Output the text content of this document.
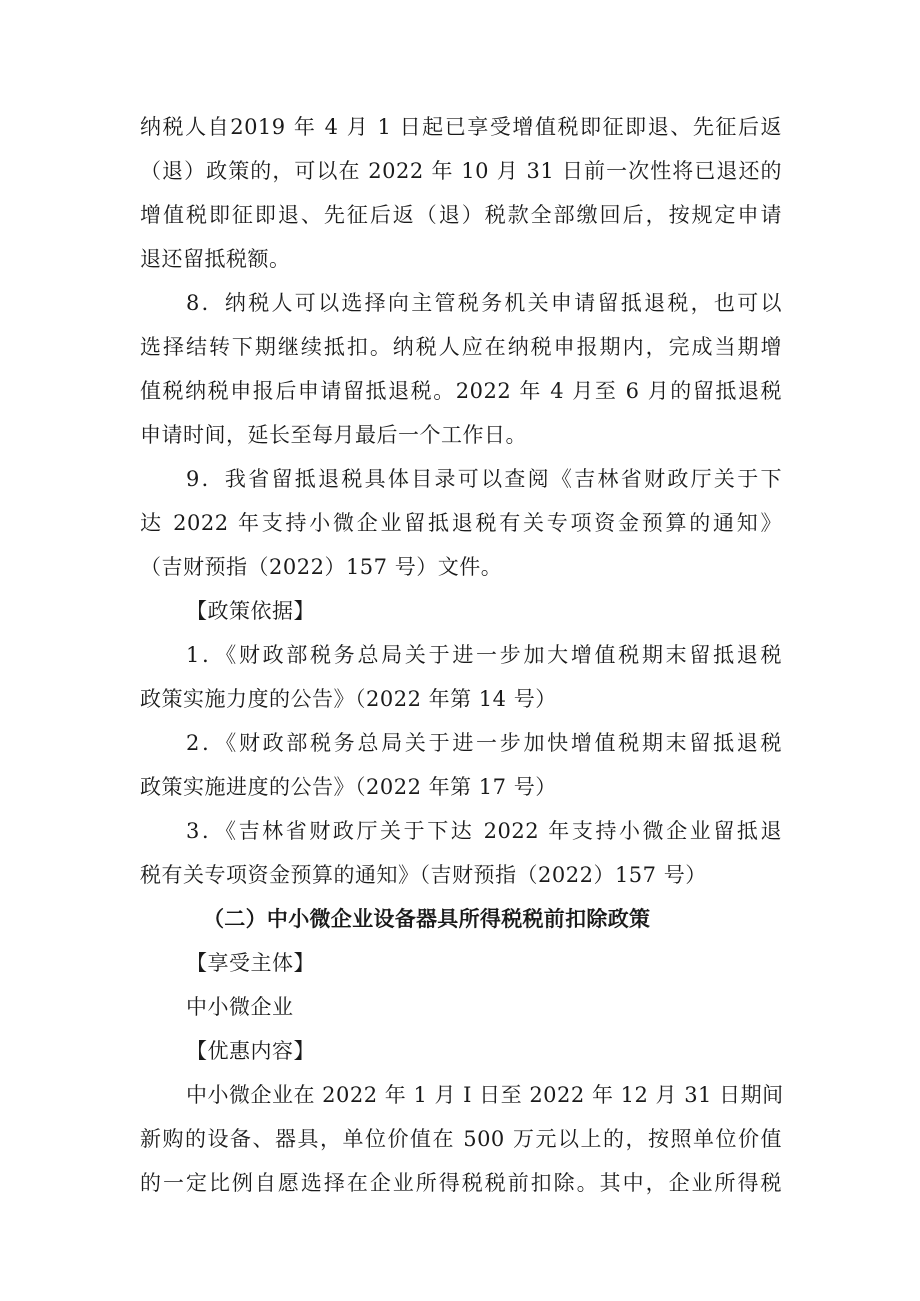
纳税人自2019 年 4 月 1 日起已享受增值税即征即退、先征后返
（退）政策的，可以在 2022 年 10 月 31 日前一次性将已退还的
增值税即征即退、先征后返（退）税款全部缴回后，按规定申请
退还留抵税额。
8．纳税人可以选择向主管税务机关申请留抵退税，也可以
选择结转下期继续抵扣。纳税人应在纳税申报期内，完成当期增
值税纳税申报后申请留抵退税。2022 年 4 月至 6 月的留抵退税
申请时间，延长至每月最后一个工作日。
9．我省留抵退税具体目录可以查阅《吉林省财政厅关于下
达 2022 年支持小微企业留抵退税有关专项资金预算的通知》
（吉财预指（2022）157 号）文件。
【政策依据】
1．《财政部税务总局关于进一步加大增值税期末留抵退税
政策实施力度的公告》（2022 年第 14 号）
2．《财政部税务总局关于进一步加快增值税期末留抵退税
政策实施进度的公告》（2022 年第 17 号）
3．《吉林省财政厅关于下达 2022 年支持小微企业留抵退
税有关专项资金预算的通知》（吉财预指（2022）157 号）
（二）中小微企业设备器具所得税税前扣除政策
【享受主体】
中小微企业
【优惠内容】
中小微企业在 2022 年 1 月 I 日至 2022 年 12 月 31 日期间
新购的设备、器具，单位价值在 500 万元以上的，按照单位价值
的一定比例自愿选择在企业所得税税前扣除。其中，企业所得税
